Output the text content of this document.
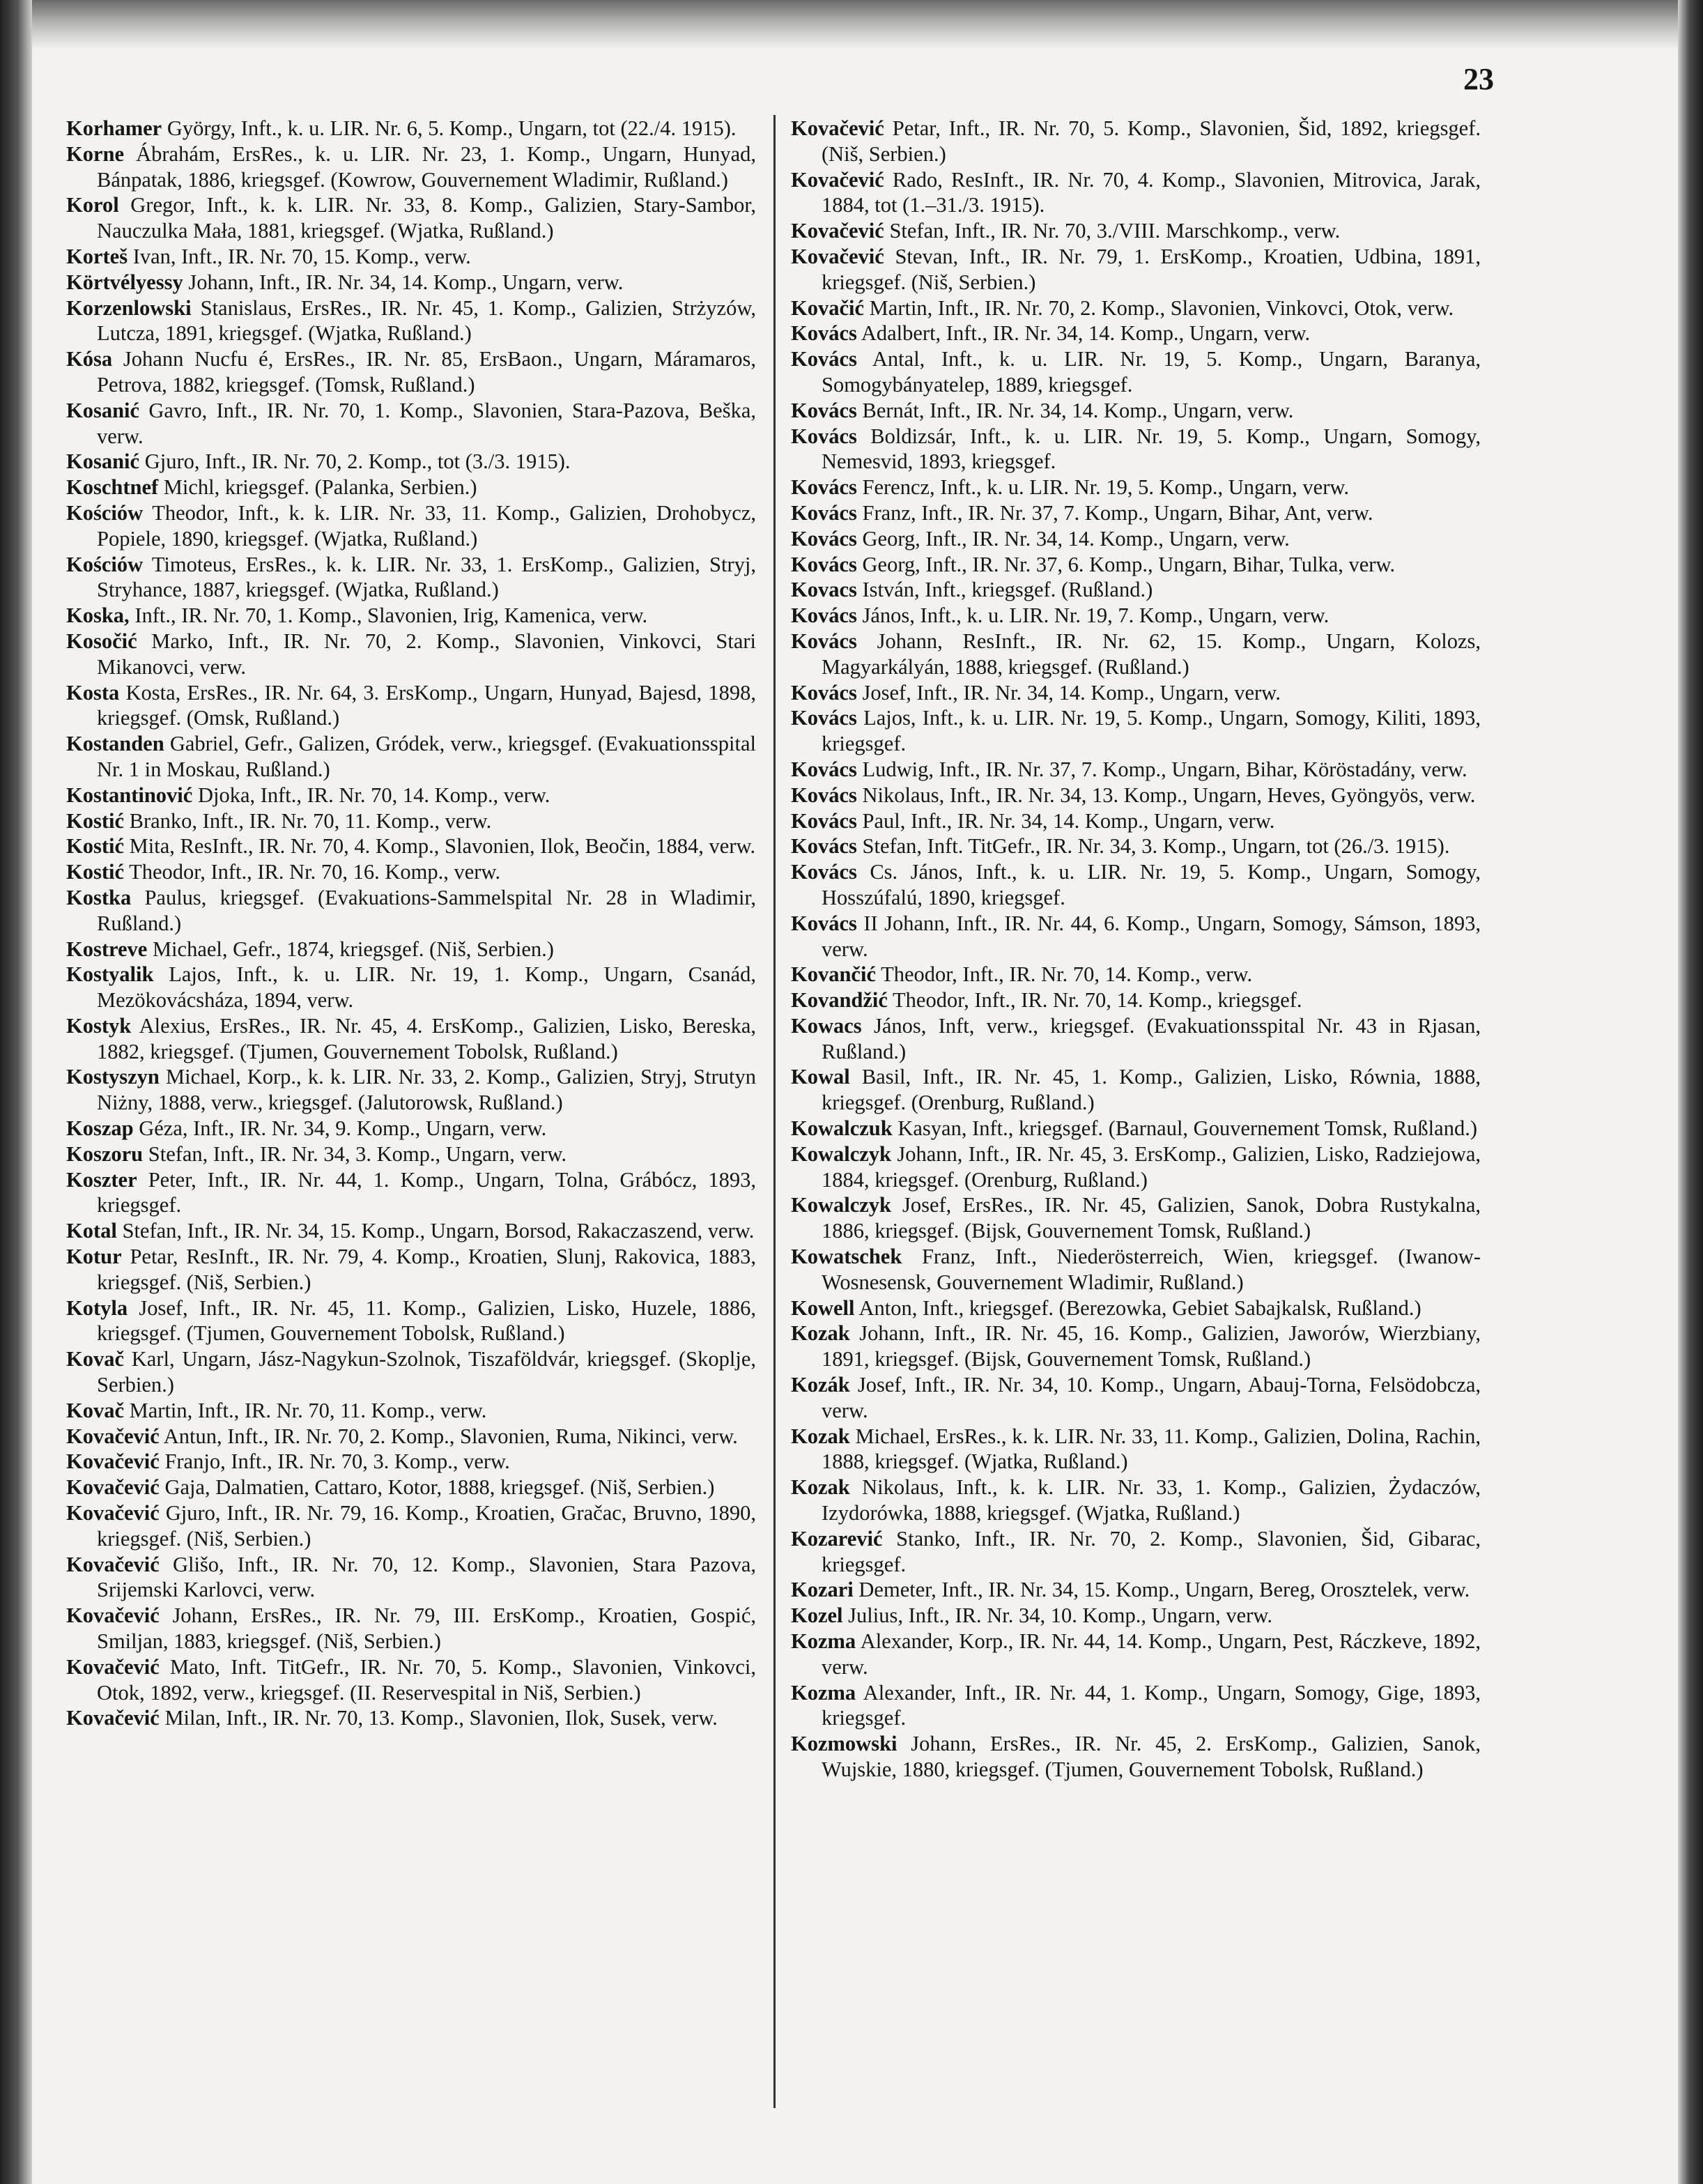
23
Korhamer György, Inft., k. u. LIR. Nr. 6, 5. Komp., Ungarn, tot (22./4. 1915).
Korne Ábrahám, ErsRes., k. u. LIR. Nr. 23, 1. Komp., Ungarn, Hunyad, Bánpatak, 1886, kriegsgef. (Kowrow, Gouvernement Wladimir, Rußland.)
Korol Gregor, Inft., k. k. LIR. Nr. 33, 8. Komp., Galizien, Stary-Sambor, Nauczulka Mała, 1881, kriegsgef. (Wjatka, Rußland.)
Korteš Ivan, Inft., IR. Nr. 70, 15. Komp., verw.
Körtvélyessy Johann, Inft., IR. Nr. 34, 14. Komp., Ungarn, verw.
Korzenlowski Stanislaus, ErsRes., IR. Nr. 45, 1. Komp., Galizien, Strżyzów, Lutcza, 1891, kriegsgef. (Wjatka, Rußland.)
Kósa Johann Nucfu é, ErsRes., IR. Nr. 85, ErsBaon., Ungarn, Máramaros, Petrova, 1882, kriegsgef. (Tomsk, Rußland.)
Kosanić Gavro, Inft., IR. Nr. 70, 1. Komp., Slavonien, Stara-Pazova, Beška, verw.
Kosanić Gjuro, Inft., IR. Nr. 70, 2. Komp., tot (3./3. 1915).
Koschtnef Michl, kriegsgef. (Palanka, Serbien.)
Kościów Theodor, Inft., k. k. LIR. Nr. 33, 11. Komp., Galizien, Drohobycz, Popiele, 1890, kriegsgef. (Wjatka, Rußland.)
Kościów Timoteus, ErsRes., k. k. LIR. Nr. 33, 1. ErsKomp., Galizien, Stryj, Stryhance, 1887, kriegsgef. (Wjatka, Rußland.)
Koska, Inft., IR. Nr. 70, 1. Komp., Slavonien, Irig, Kamenica, verw.
Kosočić Marko, Inft., IR. Nr. 70, 2. Komp., Slavonien, Vinkovci, Stari Mikanovci, verw.
Kosta Kosta, ErsRes., IR. Nr. 64, 3. ErsKomp., Ungarn, Hunyad, Bajesd, 1898, kriegsgef. (Omsk, Rußland.)
Kostanden Gabriel, Gefr., Galizen, Gródek, verw., kriegsgef. (Evakuationsspital Nr. 1 in Moskau, Rußland.)
Kostantinović Djoka, Inft., IR. Nr. 70, 14. Komp., verw.
Kostić Branko, Inft., IR. Nr. 70, 11. Komp., verw.
Kostić Mita, ResInft., IR. Nr. 70, 4. Komp., Slavonien, Ilok, Beočin, 1884, verw.
Kostić Theodor, Inft., IR. Nr. 70, 16. Komp., verw.
Kostka Paulus, kriegsgef. (Evakuations-Sammelspital Nr. 28 in Wladimir, Rußland.)
Kostreve Michael, Gefr., 1874, kriegsgef. (Niš, Serbien.)
Kostyalik Lajos, Inft., k. u. LIR. Nr. 19, 1. Komp., Ungarn, Csanád, Mezökovácsháza, 1894, verw.
Kostyk Alexius, ErsRes., IR. Nr. 45, 4. ErsKomp., Galizien, Lisko, Bereska, 1882, kriegsgef. (Tjumen, Gouvernement Tobolsk, Rußland.)
Kostyszyn Michael, Korp., k. k. LIR. Nr. 33, 2. Komp., Galizien, Stryj, Strutyn Niżny, 1888, verw., kriegsgef. (Jalutorowsk, Rußland.)
Koszap Géza, Inft., IR. Nr. 34, 9. Komp., Ungarn, verw.
Koszoru Stefan, Inft., IR. Nr. 34, 3. Komp., Ungarn, verw.
Koszter Peter, Inft., IR. Nr. 44, 1. Komp., Ungarn, Tolna, Grábócz, 1893, kriegsgef.
Kotal Stefan, Inft., IR. Nr. 34, 15. Komp., Ungarn, Borsod, Rakaczaszend, verw.
Kotur Petar, ResInft., IR. Nr. 79, 4. Komp., Kroatien, Slunj, Rakovica, 1883, kriegsgef. (Niš, Serbien.)
Kotyla Josef, Inft., IR. Nr. 45, 11. Komp., Galizien, Lisko, Huzele, 1886, kriegsgef. (Tjumen, Gouvernement Tobolsk, Rußland.)
Kovač Karl, Ungarn, Jász-Nagykun-Szolnok, Tiszaföldvár, kriegsgef. (Skoplje, Serbien.)
Kovač Martin, Inft., IR. Nr. 70, 11. Komp., verw.
Kovačević Antun, Inft., IR. Nr. 70, 2. Komp., Slavonien, Ruma, Nikinci, verw.
Kovačević Franjo, Inft., IR. Nr. 70, 3. Komp., verw.
Kovačević Gaja, Dalmatien, Cattaro, Kotor, 1888, kriegsgef. (Niš, Serbien.)
Kovačević Gjuro, Inft., IR. Nr. 79, 16. Komp., Kroatien, Gračac, Bruvno, 1890, kriegsgef. (Niš, Serbien.)
Kovačević Glišo, Inft., IR. Nr. 70, 12. Komp., Slavonien, Stara Pazova, Srijemski Karlovci, verw.
Kovačević Johann, ErsRes., IR. Nr. 79, III. ErsKomp., Kroatien, Gospić, Smiljan, 1883, kriegsgef. (Niš, Serbien.)
Kovačević Mato, Inft. TitGefr., IR. Nr. 70, 5. Komp., Slavonien, Vinkovci, Otok, 1892, verw., kriegsgef. (II. Reservespital in Niš, Serbien.)
Kovačević Milan, Inft., IR. Nr. 70, 13. Komp., Slavonien, Ilok, Susek, verw.
Kovačević Petar, Inft., IR. Nr. 70, 5. Komp., Slavonien, Šid, 1892, kriegsgef. (Niš, Serbien.)
Kovačević Rado, ResInft., IR. Nr. 70, 4. Komp., Slavonien, Mitrovica, Jarak, 1884, tot (1.–31./3. 1915).
Kovačević Stefan, Inft., IR. Nr. 70, 3./VIII. Marschkomp., verw.
Kovačević Stevan, Inft., IR. Nr. 79, 1. ErsKomp., Kroatien, Udbina, 1891, kriegsgef. (Niš, Serbien.)
Kovačić Martin, Inft., IR. Nr. 70, 2. Komp., Slavonien, Vinkovci, Otok, verw.
Kovács Adalbert, Inft., IR. Nr. 34, 14. Komp., Ungarn, verw.
Kovács Antal, Inft., k. u. LIR. Nr. 19, 5. Komp., Ungarn, Baranya, Somogybányatelep, 1889, kriegsgef.
Kovács Bernát, Inft., IR. Nr. 34, 14. Komp., Ungarn, verw.
Kovács Boldizsár, Inft., k. u. LIR. Nr. 19, 5. Komp., Ungarn, Somogy, Nemesvid, 1893, kriegsgef.
Kovács Ferencz, Inft., k. u. LIR. Nr. 19, 5. Komp., Ungarn, verw.
Kovács Franz, Inft., IR. Nr. 37, 7. Komp., Ungarn, Bihar, Ant, verw.
Kovács Georg, Inft., IR. Nr. 34, 14. Komp., Ungarn, verw.
Kovács Georg, Inft., IR. Nr. 37, 6. Komp., Ungarn, Bihar, Tulka, verw.
Kovacs István, Inft., kriegsgef. (Rußland.)
Kovács János, Inft., k. u. LIR. Nr. 19, 7. Komp., Ungarn, verw.
Kovács Johann, ResInft., IR. Nr. 62, 15. Komp., Ungarn, Kolozs, Magyarkályán, 1888, kriegsgef. (Rußland.)
Kovács Josef, Inft., IR. Nr. 34, 14. Komp., Ungarn, verw.
Kovács Lajos, Inft., k. u. LIR. Nr. 19, 5. Komp., Ungarn, Somogy, Kiliti, 1893, kriegsgef.
Kovács Ludwig, Inft., IR. Nr. 37, 7. Komp., Ungarn, Bihar, Köröstadány, verw.
Kovács Nikolaus, Inft., IR. Nr. 34, 13. Komp., Ungarn, Heves, Gyöngyös, verw.
Kovács Paul, Inft., IR. Nr. 34, 14. Komp., Ungarn, verw.
Kovács Stefan, Inft. TitGefr., IR. Nr. 34, 3. Komp., Ungarn, tot (26./3. 1915).
Kovács Cs. János, Inft., k. u. LIR. Nr. 19, 5. Komp., Ungarn, Somogy, Hosszúfalú, 1890, kriegsgef.
Kovács II Johann, Inft., IR. Nr. 44, 6. Komp., Ungarn, Somogy, Sámson, 1893, verw.
Kovančić Theodor, Inft., IR. Nr. 70, 14. Komp., verw.
Kovandžić Theodor, Inft., IR. Nr. 70, 14. Komp., kriegsgef.
Kowacs János, Inft, verw., kriegsgef. (Evakuationsspital Nr. 43 in Rjasan, Rußland.)
Kowal Basil, Inft., IR. Nr. 45, 1. Komp., Galizien, Lisko, Równia, 1888, kriegsgef. (Orenburg, Rußland.)
Kowalczuk Kasyan, Inft., kriegsgef. (Barnaul, Gouvernement Tomsk, Rußland.)
Kowalczyk Johann, Inft., IR. Nr. 45, 3. ErsKomp., Galizien, Lisko, Radziejowa, 1884, kriegsgef. (Orenburg, Rußland.)
Kowalczyk Josef, ErsRes., IR. Nr. 45, Galizien, Sanok, Dobra Rustykalna, 1886, kriegsgef. (Bijsk, Gouvernement Tomsk, Rußland.)
Kowatschek Franz, Inft., Niederösterreich, Wien, kriegsgef. (Iwanow-Wosnesensk, Gouvernement Wladimir, Rußland.)
Kowell Anton, Inft., kriegsgef. (Berezowka, Gebiet Sabajkalsk, Rußland.)
Kozak Johann, Inft., IR. Nr. 45, 16. Komp., Galizien, Jaworów, Wierzbiany, 1891, kriegsgef. (Bijsk, Gouvernement Tomsk, Rußland.)
Kozák Josef, Inft., IR. Nr. 34, 10. Komp., Ungarn, Abauj-Torna, Felsödobcza, verw.
Kozak Michael, ErsRes., k. k. LIR. Nr. 33, 11. Komp., Galizien, Dolina, Rachin, 1888, kriegsgef. (Wjatka, Rußland.)
Kozak Nikolaus, Inft., k. k. LIR. Nr. 33, 1. Komp., Galizien, Żydaczów, Izydorówka, 1888, kriegsgef. (Wjatka, Rußland.)
Kozarević Stanko, Inft., IR. Nr. 70, 2. Komp., Slavonien, Šid, Gibarac, kriegsgef.
Kozari Demeter, Inft., IR. Nr. 34, 15. Komp., Ungarn, Bereg, Orosztelek, verw.
Kozel Julius, Inft., IR. Nr. 34, 10. Komp., Ungarn, verw.
Kozma Alexander, Korp., IR. Nr. 44, 14. Komp., Ungarn, Pest, Ráczkeve, 1892, verw.
Kozma Alexander, Inft., IR. Nr. 44, 1. Komp., Ungarn, Somogy, Gige, 1893, kriegsgef.
Kozmowski Johann, ErsRes., IR. Nr. 45, 2. ErsKomp., Galizien, Sanok, Wujskie, 1880, kriegsgef. (Tjumen, Gouvernement Tobolsk, Rußland.)
